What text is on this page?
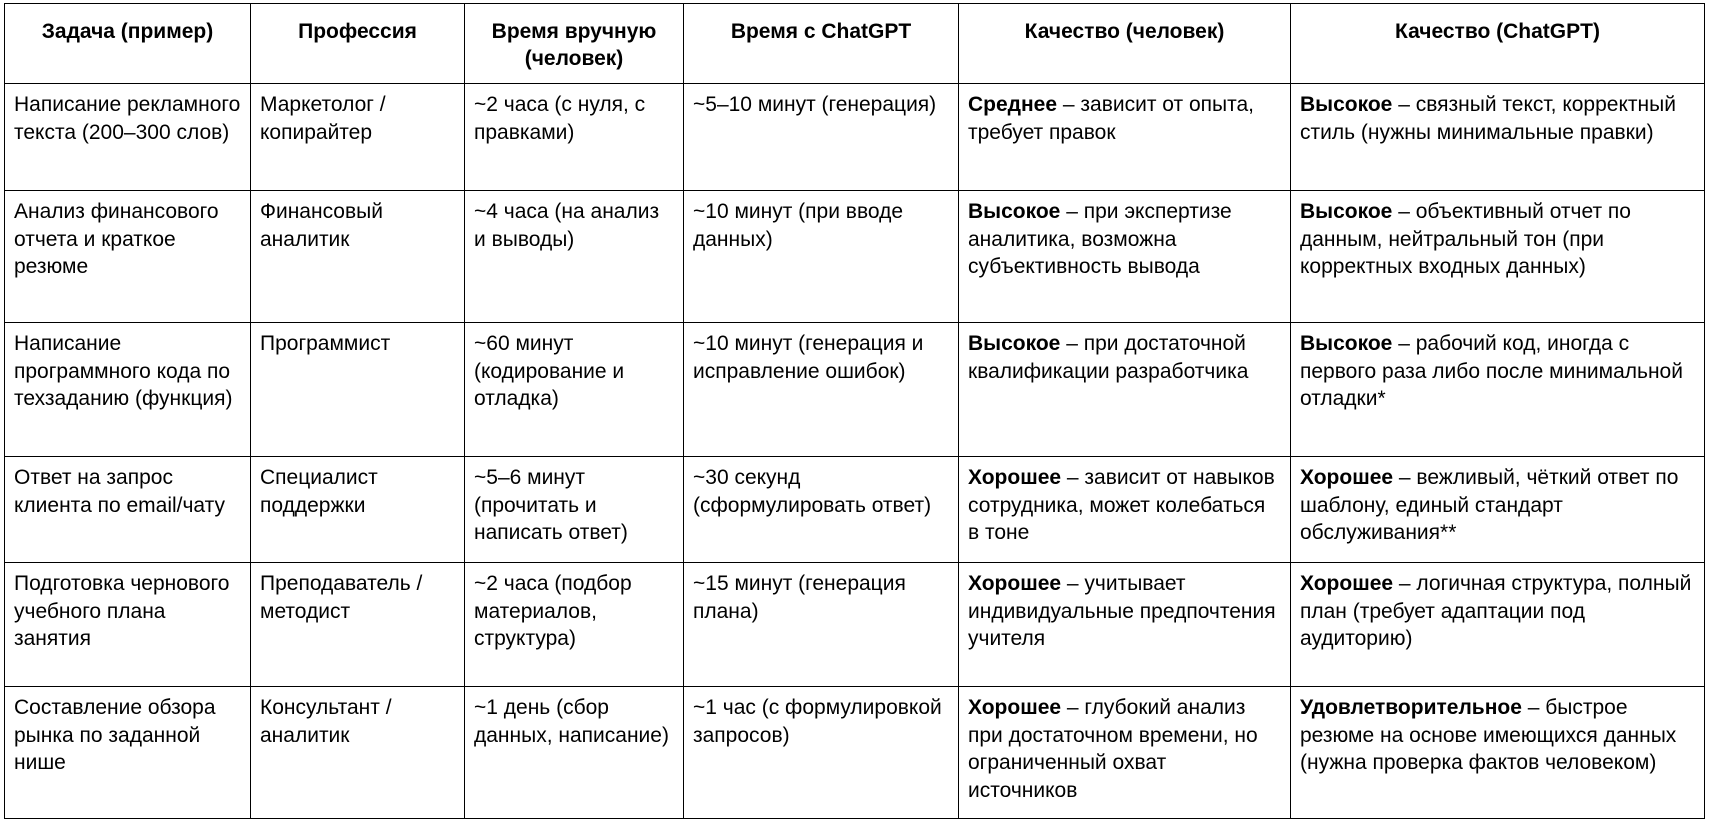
Задача (пример)	Профессия	Время вручную (человек)	Время с ChatGPT	Качество (человек)	Качество (ChatGPT)
Написание рекламного текста (200–300 слов)	Маркетолог / копирайтер	~2 часа (с нуля, с правками)	~5–10 минут (генерация)	Среднее – зависит от опыта, требует правок	Высокое – связный текст, корректный стиль (нужны минимальные правки)
Анализ финансового отчета и краткое резюме	Финансовый аналитик	~4 часа (на анализ и выводы)	~10 минут (при вводе данных)	Высокое – при экспертизе аналитика, возможна субъективность вывода	Высокое – объективный отчет по данным, нейтральный тон (при корректных входных данных)
Написание программного кода по техзаданию (функция)	Программист	~60 минут (кодирование и отладка)	~10 минут (генерация и исправление ошибок)	Высокое – при достаточной квалификации разработчика	Высокое – рабочий код, иногда с первого раза либо после минимальной отладки*
Ответ на запрос клиента по email/чату	Специалист поддержки	~5–6 минут (прочитать и написать ответ)	~30 секунд (сформулировать ответ)	Хорошее – зависит от навыков сотрудника, может колебаться в тоне	Хорошее – вежливый, чёткий ответ по шаблону, единый стандарт обслуживания**
Подготовка чернового учебного плана занятия	Преподаватель / методист	~2 часа (подбор материалов, структура)	~15 минут (генерация плана)	Хорошее – учитывает индивидуальные предпочтения учителя	Хорошее – логичная структура, полный план (требует адаптации под аудиторию)
Составление обзора рынка по заданной нише	Консультант / аналитик	~1 день (сбор данных, написание)	~1 час (с формулировкой запросов)	Хорошее – глубокий анализ при достаточном времени, но ограниченный охват источников	Удовлетворительное – быстрое резюме на основе имеющихся данных (нужна проверка фактов человеком)
